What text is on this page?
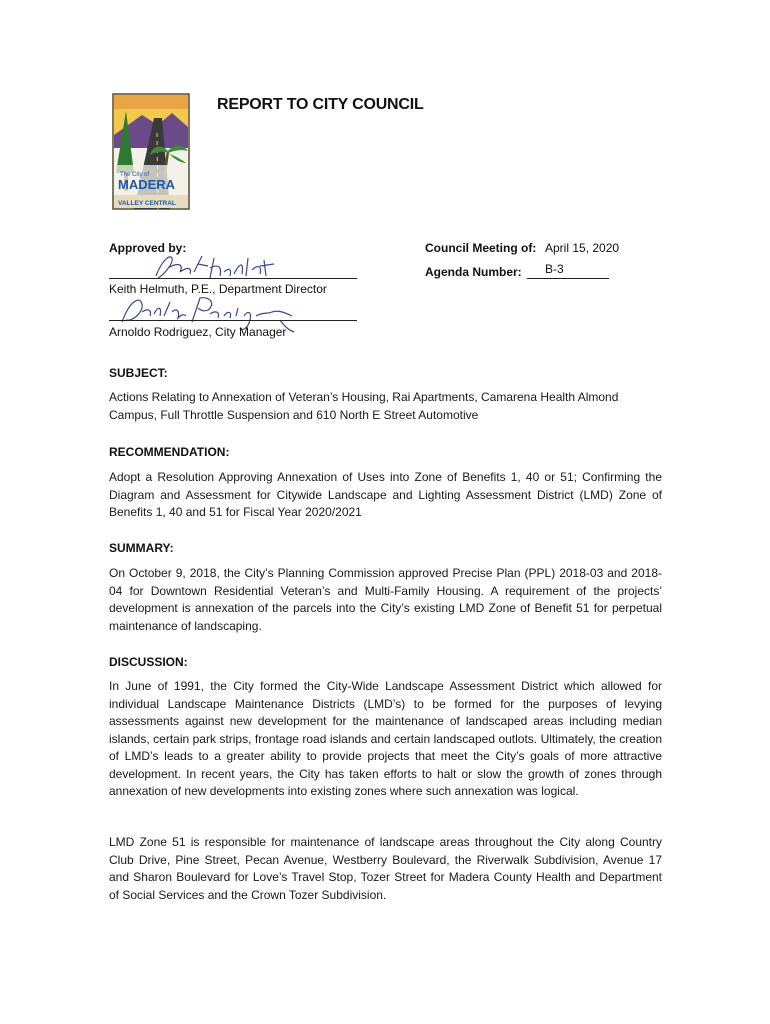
The City of
MADERA
VALLEY CENTRAL
REPORT TO CITY COUNCIL
Approved by:
Keith Helmuth, P.E., Department Director
Arnoldo Rodriguez, City Manager
Council Meeting of: April 15, 2020
Agenda Number: B-3
SUBJECT:
Actions Relating to Annexation of Veteran’s Housing, Rai Apartments, Camarena Health Almond Campus, Full Throttle Suspension and 610 North E Street Automotive
RECOMMENDATION:
Adopt a Resolution Approving Annexation of Uses into Zone of Benefits 1, 40 or 51; Confirming the Diagram and Assessment for Citywide Landscape and Lighting Assessment District (LMD) Zone of Benefits 1, 40 and 51 for Fiscal Year 2020/2021
SUMMARY:
On October 9, 2018, the City’s Planning Commission approved Precise Plan (PPL) 2018-03 and 2018-04 for Downtown Residential Veteran’s and Multi-Family Housing. A requirement of the projects’ development is annexation of the parcels into the City’s existing LMD Zone of Benefit 51 for perpetual maintenance of landscaping.
DISCUSSION:
In June of 1991, the City formed the City-Wide Landscape Assessment District which allowed for individual Landscape Maintenance Districts (LMD’s) to be formed for the purposes of levying assessments against new development for the maintenance of landscaped areas including median islands, certain park strips, frontage road islands and certain landscaped outlots. Ultimately, the creation of LMD’s leads to a greater ability to provide projects that meet the City’s goals of more attractive development. In recent years, the City has taken efforts to halt or slow the growth of zones through annexation of new developments into existing zones where such annexation was logical.
LMD Zone 51 is responsible for maintenance of landscape areas throughout the City along Country Club Drive, Pine Street, Pecan Avenue, Westberry Boulevard, the Riverwalk Subdivision, Avenue 17 and Sharon Boulevard for Love’s Travel Stop, Tozer Street for Madera County Health and Department of Social Services and the Crown Tozer Subdivision.
